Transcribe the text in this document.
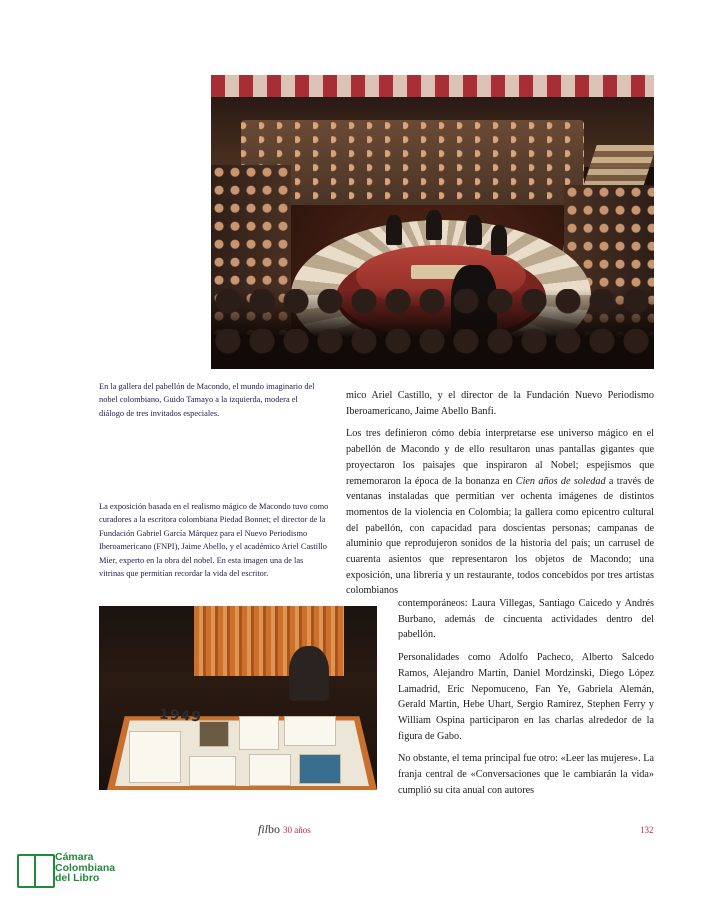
En la gallera del pabellón de Macondo, el mundo imaginario del nobel colombiano, Guido Tamayo a la izquierda, modera el diálogo de tres invitados especiales.
La exposición basada en el realismo mágico de Macondo tuvo como curadores a la escritora colombiana Piedad Bonnet; el director de la Fundación Gabriel García Márquez para el Nuevo Periodismo Iberoamericano (FNPI), Jaime Abello, y el académico Ariel Castillo Mier, experto en la obra del nobel. En esta imagen una de las vitrinas que permitían recordar la vida del escritor.

mico Ariel Castillo, y el director de la Fundación Nuevo Periodismo Iberoamericano, Jaime Abello Banfi.

Los tres definieron cómo debía interpretarse ese universo mágico en el pabellón de Macondo y de ello resultaron unas pantallas gigantes que proyectaron los paisajes que inspiraron al Nobel; espejismos que rememoraron la época de la bonanza en Cien años de soledad a través de ventanas instaladas que permitian ver ochenta imágenes de distintos momentos de la violencia en Colombia; la gallera como epicentro cultural del pabellón, con capacidad para doscientas personas; campanas de aluminio que reprodujeron sonidos de la historia del país; un carrusel de cuarenta asientos que representaron los objetos de Macondo; una exposición, una librería y un restaurante, todos concebidos por tres artistas colombianos

contemporáneos: Laura Villegas, Santiago Caicedo y Andrés Burbano, además de cincuenta actividades dentro del pabellón.

Personalidades como Adolfo Pacheco, Alberto Salcedo Ramos, Alejandro Martín, Daniel Mordzinski, Diego López Lamadrid, Eric Nepomuceno, Fan Ye, Gabriela Alemán, Gerald Martin, Hebe Uhart, Sergio Ramírez, Stephen Ferry y William Ospina participaron en las charlas alrededor de la figura de Gabo.

No obstante, el tema principal fue otro: «Leer las mujeres». La franja central de «Conversaciones que le cambiarán la vida» cumplió su cita anual con autores

1949
filbo 30 años	132
Cámara
Colombiana
del Libro
